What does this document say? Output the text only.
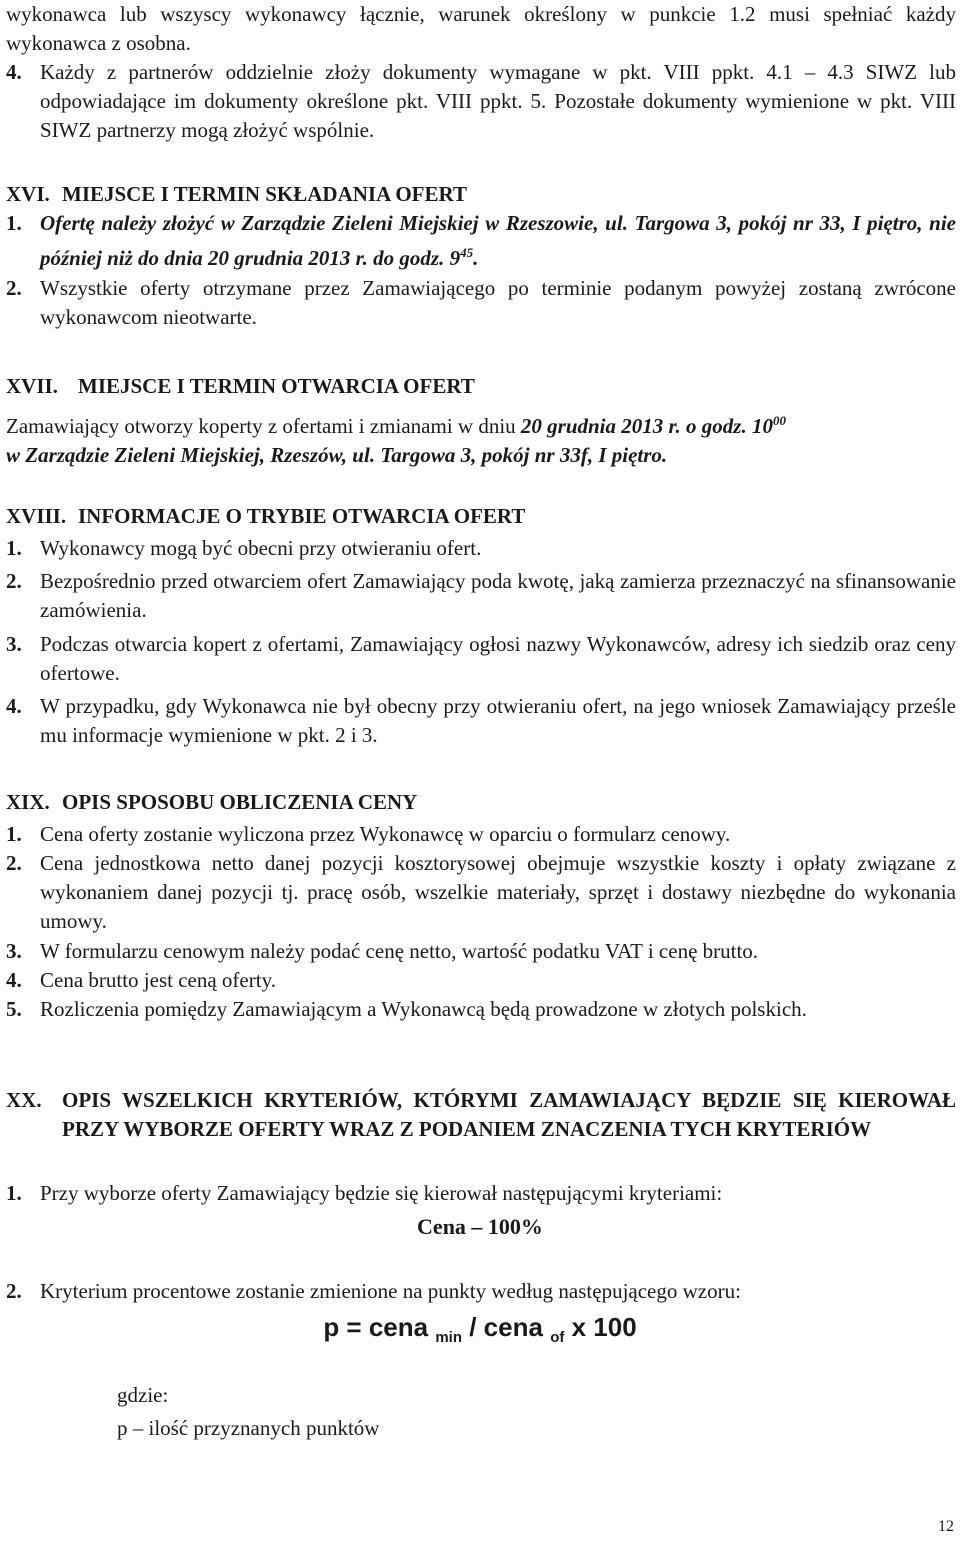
wykonawca lub wszyscy wykonawcy łącznie, warunek określony w punkcie 1.2 musi spełniać każdy wykonawca z osobna.
4. Każdy z partnerów oddzielnie złoży dokumenty wymagane w pkt. VIII ppkt. 4.1 – 4.3 SIWZ lub odpowiadające im dokumenty określone pkt. VIII ppkt. 5. Pozostałe dokumenty wymienione w pkt. VIII SIWZ partnerzy mogą złożyć wspólnie.
XVI. MIEJSCE I TERMIN SKŁADANIA OFERT
1. Ofertę należy złożyć w Zarządzie Zieleni Miejskiej w Rzeszowie, ul. Targowa 3, pokój nr 33, I piętro, nie później niż do dnia 20 grudnia 2013 r. do godz. $9^{45}$.
2. Wszystkie oferty otrzymane przez Zamawiającego po terminie podanym powyżej zostaną zwrócone wykonawcom nieotwarte.
XVII. MIEJSCE I TERMIN OTWARCIA OFERT
Zamawiający otworzy koperty z ofertami i zmianami w dniu 20 grudnia 2013 r. o godz. $10^{00}$
w Zarządzie Zieleni Miejskiej, Rzeszów, ul. Targowa 3, pokój nr 33f, I piętro.
XVIII. INFORMACJE O TRYBIE OTWARCIA OFERT
1. Wykonawcy mogą być obecni przy otwieraniu ofert.
2. Bezpośrednio przed otwarciem ofert Zamawiający poda kwotę, jaką zamierza przeznaczyć na sfinansowanie zamówienia.
3. Podczas otwarcia kopert z ofertami, Zamawiający ogłosi nazwy Wykonawców, adresy ich siedzib oraz ceny ofertowe.
4. W przypadku, gdy Wykonawca nie był obecny przy otwieraniu ofert, na jego wniosek Zamawiający prześle mu informacje wymienione w pkt. 2 i 3.
XIX. OPIS SPOSOBU OBLICZENIA CENY
1. Cena oferty zostanie wyliczona przez Wykonawcę w oparciu o formularz cenowy.
2. Cena jednostkowa netto danej pozycji kosztorysowej obejmuje wszystkie koszty i opłaty związane z wykonaniem danej pozycji tj. pracę osób, wszelkie materiały, sprzęt i dostawy niezbędne do wykonania umowy.
3. W formularzu cenowym należy podać cenę netto, wartość podatku VAT i cenę brutto.
4. Cena brutto jest ceną oferty.
5. Rozliczenia pomiędzy Zamawiającym a Wykonawcą będą prowadzone w złotych polskich.
XX. OPIS WSZELKICH KRYTERIÓW, KTÓRYMI ZAMAWIAJĄCY BĘDZIE SIĘ KIEROWAŁ PRZY WYBORZE OFERTY WRAZ Z PODANIEM ZNACZENIA TYCH KRYTERIÓW
1. Przy wyborze oferty Zamawiający będzie się kierował następującymi kryteriami:
Cena – 100%
2. Kryterium procentowe zostanie zmienione na punkty według następującego wzoru:
p = cena $_{min}$ / cena $_{of}$ x 100
gdzie:
p – ilość przyznanych punktów
12
